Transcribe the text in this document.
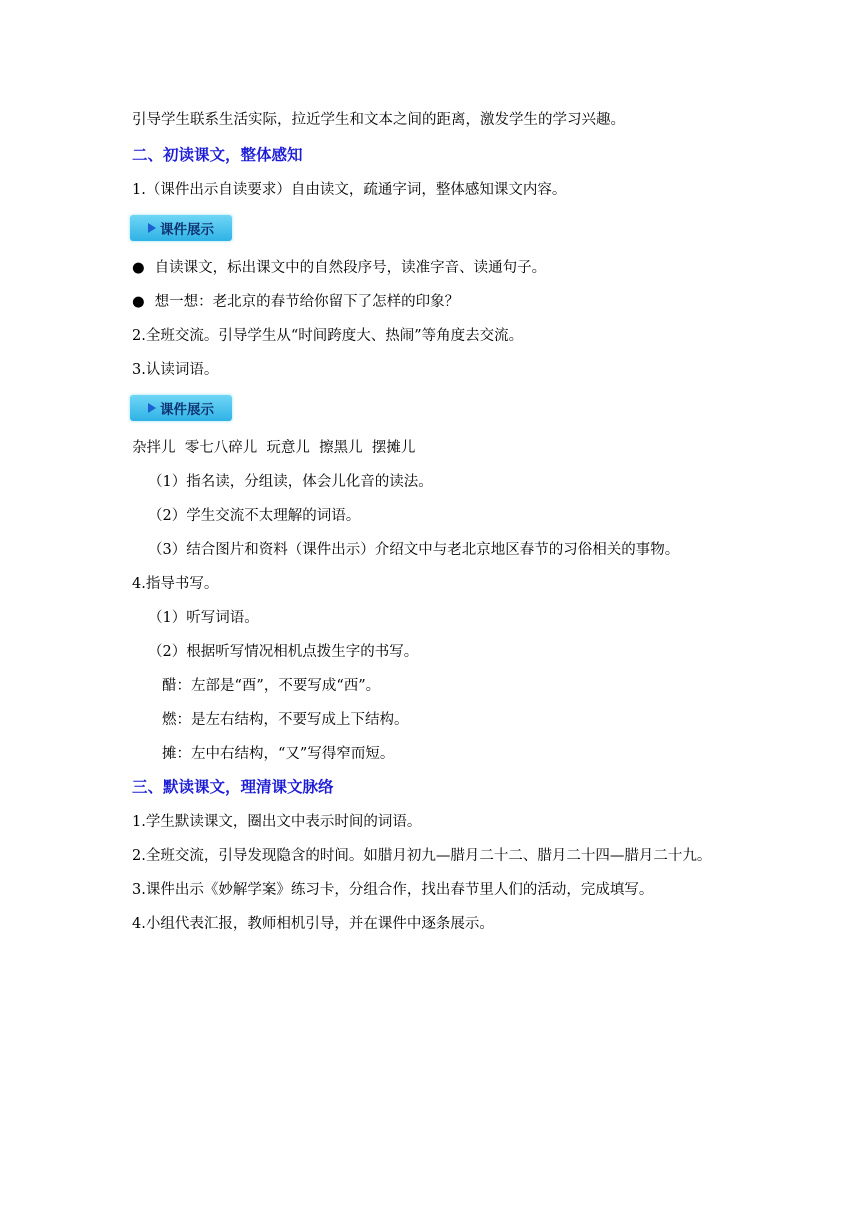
引导学生联系生活实际，拉近学生和文本之间的距离，激发学生的学习兴趣。
二、初读课文，整体感知
1.（课件出示自读要求）自由读文，疏通字词，整体感知课文内容。
课件展示
● 自读课文，标出课文中的自然段序号，读准字音、读通句子。
● 想一想：老北京的春节给你留下了怎样的印象？
2.全班交流。引导学生从“时间跨度大、热闹”等角度去交流。
3.认读词语。
课件展示
杂拌儿  零七八碎儿  玩意儿  擦黑儿  摆摊儿
（1）指名读，分组读，体会儿化音的读法。
（2）学生交流不太理解的词语。
（3）结合图片和资料（课件出示）介绍文中与老北京地区春节的习俗相关的事物。
4.指导书写。
（1）听写词语。
（2）根据听写情况相机点拨生字的书写。
醋：左部是“酉”，不要写成“西”。
燃：是左右结构，不要写成上下结构。
摊：左中右结构，“又”写得窄而短。
三、默读课文，理清课文脉络
1.学生默读课文，圈出文中表示时间的词语。
2.全班交流，引导发现隐含的时间。如腊月初九—腊月二十二、腊月二十四—腊月二十九。
3.课件出示《妙解学案》练习卡，分组合作，找出春节里人们的活动，完成填写。
4.小组代表汇报，教师相机引导，并在课件中逐条展示。
